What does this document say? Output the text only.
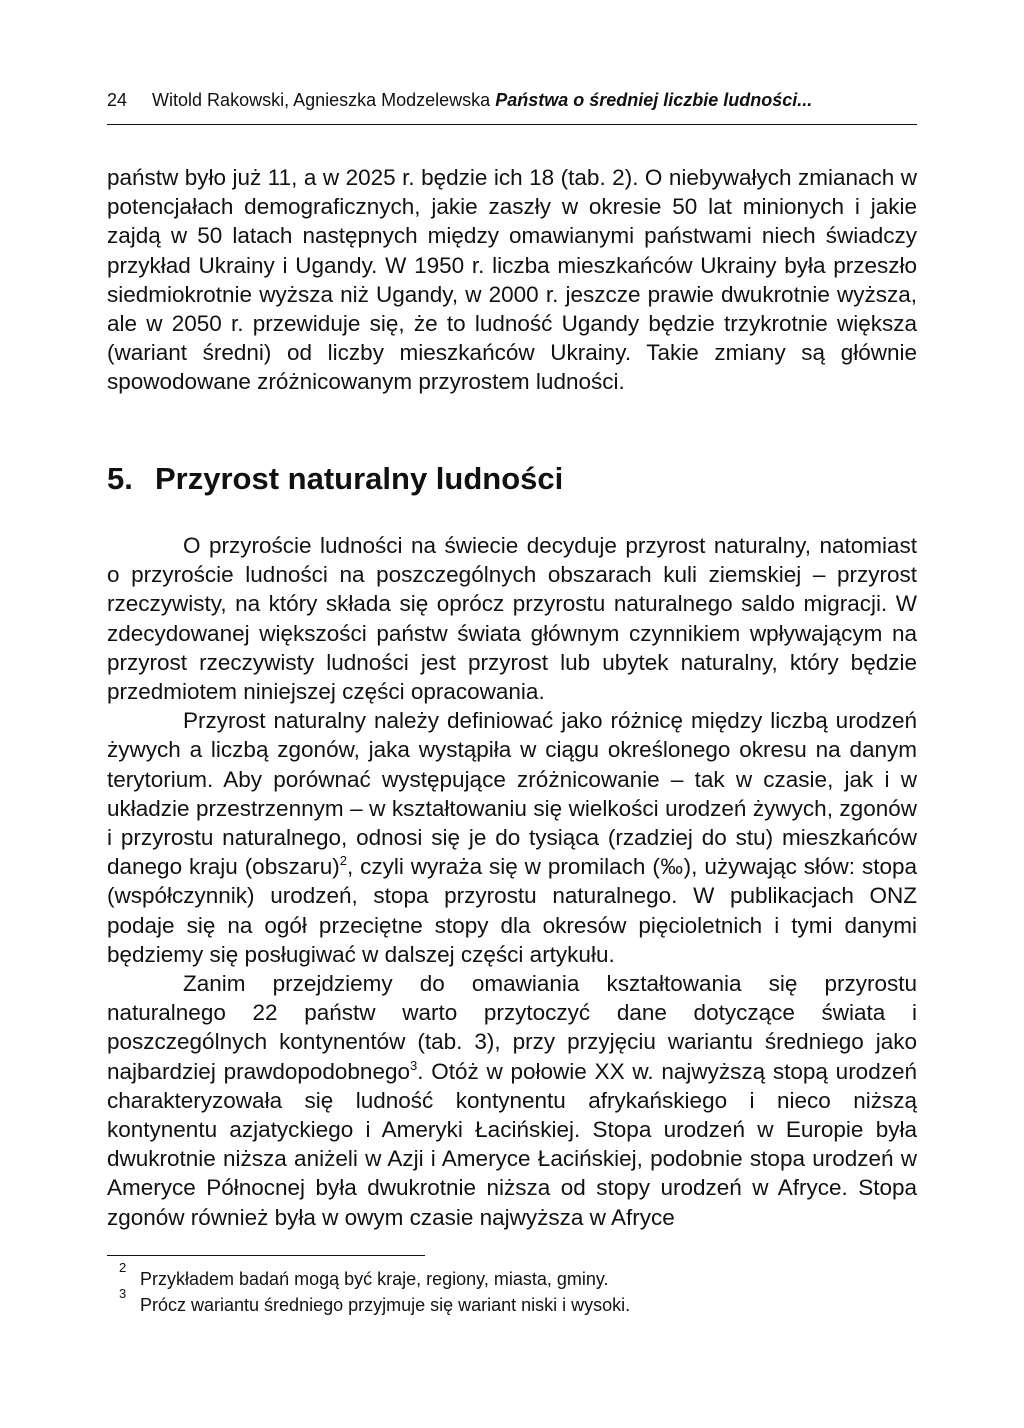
24 Witold Rakowski, Agnieszka Modzelewska Państwa o średniej liczbie ludności...
państw było już 11, a w 2025 r. będzie ich 18 (tab. 2). O niebywałych zmianach w potencjałach demograficznych, jakie zaszły w okresie 50 lat minionych i jakie zajdą w 50 latach następnych między omawianymi państwami niech świadczy przykład Ukrainy i Ugandy. W 1950 r. liczba mieszkańców Ukrainy była przeszło siedmiokrotnie wyższa niż Ugandy, w 2000 r. jeszcze prawie dwukrotnie wyższa, ale w 2050 r. przewiduje się, że to ludność Ugandy będzie trzykrotnie większa (wariant średni) od liczby mieszkańców Ukrainy. Takie zmiany są głównie spowodowane zróżnicowanym przyrostem ludności.
5. Przyrost naturalny ludności

O przyroście ludności na świecie decyduje przyrost naturalny, natomiast o przyroście ludności na poszczególnych obszarach kuli ziemskiej – przyrost rzeczywisty, na który składa się oprócz przyrostu naturalnego saldo migracji. W zdecydowanej większości państw świata głównym czynnikiem wpływającym na przyrost rzeczywisty ludności jest przyrost lub ubytek naturalny, który będzie przedmiotem niniejszej części opracowania.

Przyrost naturalny należy definiować jako różnicę między liczbą urodzeń żywych a liczbą zgonów, jaka wystąpiła w ciągu określonego okresu na danym terytorium. Aby porównać występujące zróżnicowanie – tak w czasie, jak i w układzie przestrzennym – w kształtowaniu się wielkości urodzeń żywych, zgonów i przyrostu naturalnego, odnosi się je do tysiąca (rzadziej do stu) mieszkańców danego kraju (obszaru)$^2$, czyli wyraża się w promilach (‰), używając słów: stopa (współczynnik) urodzeń, stopa przyrostu naturalnego. W publikacjach ONZ podaje się na ogół przeciętne stopy dla okresów pięcioletnich i tymi danymi będziemy się posługiwać w dalszej części artykułu.

Zanim przejdziemy do omawiania kształtowania się przyrostu naturalnego 22 państw warto przytoczyć dane dotyczące świata i poszczególnych kontynentów (tab. 3), przy przyjęciu wariantu średniego jako najbardziej prawdopodobnego$^3$. Otóż w połowie XX w. najwyższą stopą urodzeń charakteryzowała się ludność kontynentu afrykańskiego i nieco niższą kontynentu azjatyckiego i Ameryki Łacińskiej. Stopa urodzeń w Europie była dwukrotnie niższa aniżeli w Azji i Ameryce Łacińskiej, podobnie stopa urodzeń w Ameryce Północnej była dwukrotnie niższa od stopy urodzeń w Afryce. Stopa zgonów również była w owym czasie najwyższa w Afryce

2
Przykładem badań mogą być kraje, regiony, miasta, gminy.
3
Prócz wariantu średniego przyjmuje się wariant niski i wysoki.
